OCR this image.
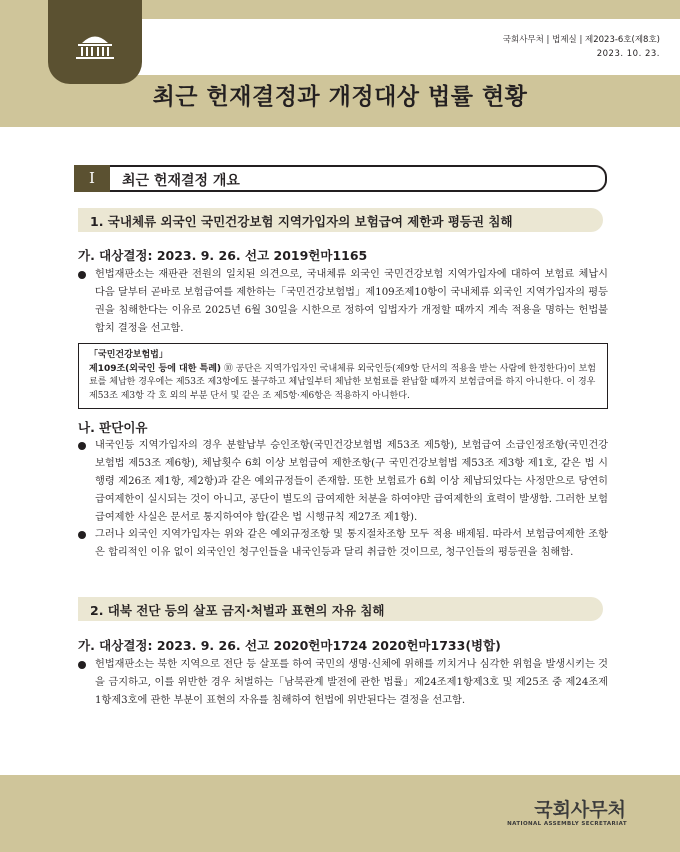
국회사무처 | 법제실 | 제2023-6호(제8호)
2023. 10. 23.
최근 헌재결정과 개정대상 법률 현황
Ⅰ	최근 헌재결정 개요
1. 국내체류 외국인 국민건강보험 지역가입자의 보험급여 제한과 평등권 침해
가. 대상결정: 2023. 9. 26. 선고 2019헌마1165
헌법재판소는 재판관 전원의 일치된 의견으로, 국내체류 외국인 국민건강보험 지역가입자에 대하여 보험료 체납시 다음 달부터 곧바로 보험급여를 제한하는「국민건강보험법」제109조제10항이 국내체류 외국인 지역가입자의 평등권을 침해한다는 이유로 2025년 6월 30일을 시한으로 정하여 입법자가 개정할 때까지 계속 적용을 명하는 헌법불합치 결정을 선고함.
「국민건강보험법」
제109조(외국인 등에 대한 특례) ⑩ 공단은 지역가입자인 국내체류 외국인등(제9항 단서의 적용을 받는 사람에 한정한다)이 보험료를 체납한 경우에는 제53조 제3항에도 불구하고 체납일부터 체납한 보험료를 완납할 때까지 보험급여를 하지 아니한다. 이 경우 제53조 제3항 각 호 외의 부분 단서 및 같은 조 제5항·제6항은 적용하지 아니한다.
나. 판단이유
내국인등 지역가입자의 경우 분할납부 승인조항(국민건강보험법 제53조 제5항), 보험급여 소급인정조항(국민건강보험법 제53조 제6항), 체납횟수 6회 이상 보험급여 제한조항(구 국민건강보험법 제53조 제3항 제1호, 같은 법 시행령 제26조 제1항, 제2항)과 같은 예외규정들이 존재함. 또한 보험료가 6회 이상 체납되었다는 사정만으로 당연히 급여제한이 실시되는 것이 아니고, 공단이 별도의 급여제한 처분을 하여야만 급여제한의 효력이 발생함. 그러한 보험급여제한 사실은 문서로 통지하여야 함(같은 법 시행규칙 제27조 제1항).
그러나 외국인 지역가입자는 위와 같은 예외규정조항 및 통지절차조항 모두 적용 배제됨. 따라서 보험급여제한 조항은 합리적인 이유 없이 외국인인 청구인들을 내국인등과 달리 취급한 것이므로, 청구인들의 평등권을 침해함.
2. 대북 전단 등의 살포 금지·처벌과 표현의 자유 침해
가. 대상결정: 2023. 9. 26. 선고 2020헌마1724 2020헌마1733(병합)
헌법재판소는 북한 지역으로 전단 등 살포를 하여 국민의 생명·신체에 위해를 끼치거나 심각한 위험을 발생시키는 것을 금지하고, 이를 위반한 경우 처벌하는「남북관계 발전에 관한 법률」제24조제1항제3호 및 제25조 중 제24조제1항제3호에 관한 부분이 표현의 자유를 침해하여 헌법에 위반된다는 결정을 선고함.
국회사무처
NATIONAL ASSEMBLY SECRETARIAT
